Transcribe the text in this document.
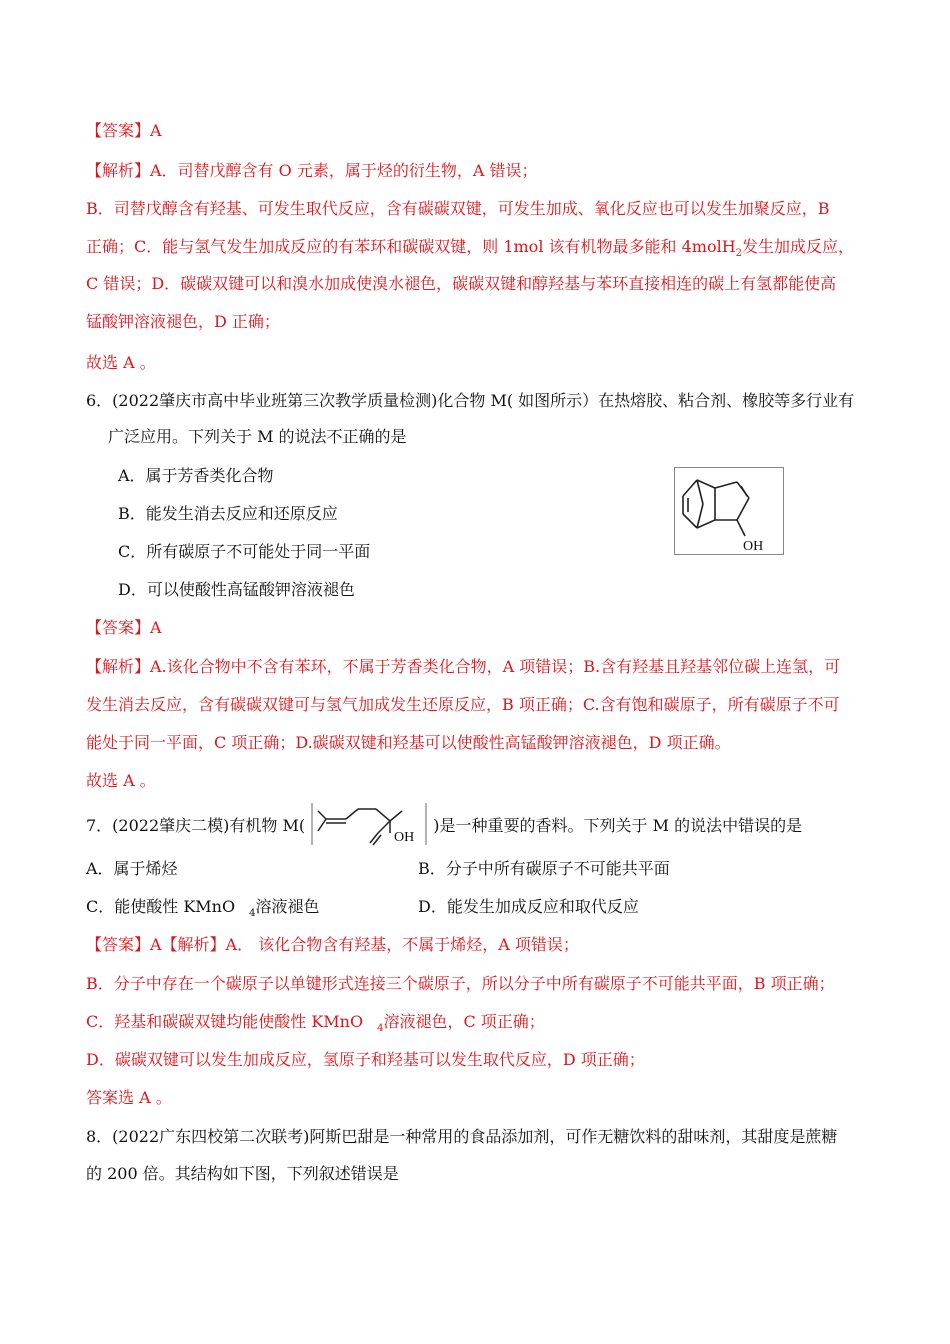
【答案】A
【解析】A．司替戊醇含有 O 元素，属于烃的衍生物，A 错误；
B．司替戊醇含有羟基、可发生取代反应，含有碳碳双键，可发生加成、氧化反应也可以发生加聚反应，B
正确；C．能与氢气发生加成反应的有苯环和碳碳双键，则 1mol 该有机物最多能和 4molH$_2$发生加成反应，
C 错误；D．碳碳双键可以和溴水加成使溴水褪色，碳碳双键和醇羟基与苯环直接相连的碳上有氢都能使高
锰酸钾溶液褪色，D 正确；
故选 A 。
6．(2022肇庆市高中毕业班第三次教学质量检测)化合物 M( 如图所示）在热熔胶、粘合剂、橡胶等多行业有
广泛应用。下列关于 M 的说法不正确的是
A．属于芳香类化合物
B．能发生消去反应和还原反应
C．所有碳原子不可能处于同一平面
D．可以使酸性高锰酸钾溶液褪色
OH
【答案】A
【解析】A.该化合物中不含有苯环，不属于芳香类化合物，A 项错误；B.含有羟基且羟基邻位碳上连氢，可
发生消去反应，含有碳碳双键可与氢气加成发生还原反应，B 项正确；C.含有饱和碳原子，所有碳原子不可
能处于同一平面，C 项正确；D.碳碳双键和羟基可以使酸性高锰酸钾溶液褪色，D 项正确。
故选 A 。
7．(2022肇庆二模)有机物 M(
OH
)是一种重要的香料。下列关于 M 的说法中错误的是
A．属于烯烃	B．分子中所有碳原子不可能共平面
C．能使酸性 KMnO $_4$溶液褪色	D．能发生加成反应和取代反应
【答案】A【解析】A． 该化合物含有羟基，不属于烯烃，A 项错误；
B．分子中存在一个碳原子以单键形式连接三个碳原子，所以分子中所有碳原子不可能共平面，B 项正确；
C．羟基和碳碳双键均能使酸性 KMnO $_4$溶液褪色，C 项正确；
D．碳碳双键可以发生加成反应，氢原子和羟基可以发生取代反应，D 项正确；
答案选 A 。
8．(2022广东四校第二次联考)阿斯巴甜是一种常用的食品添加剂，可作无糖饮料的甜味剂，其甜度是蔗糖
的 200 倍。其结构如下图，下列叙述错误是
